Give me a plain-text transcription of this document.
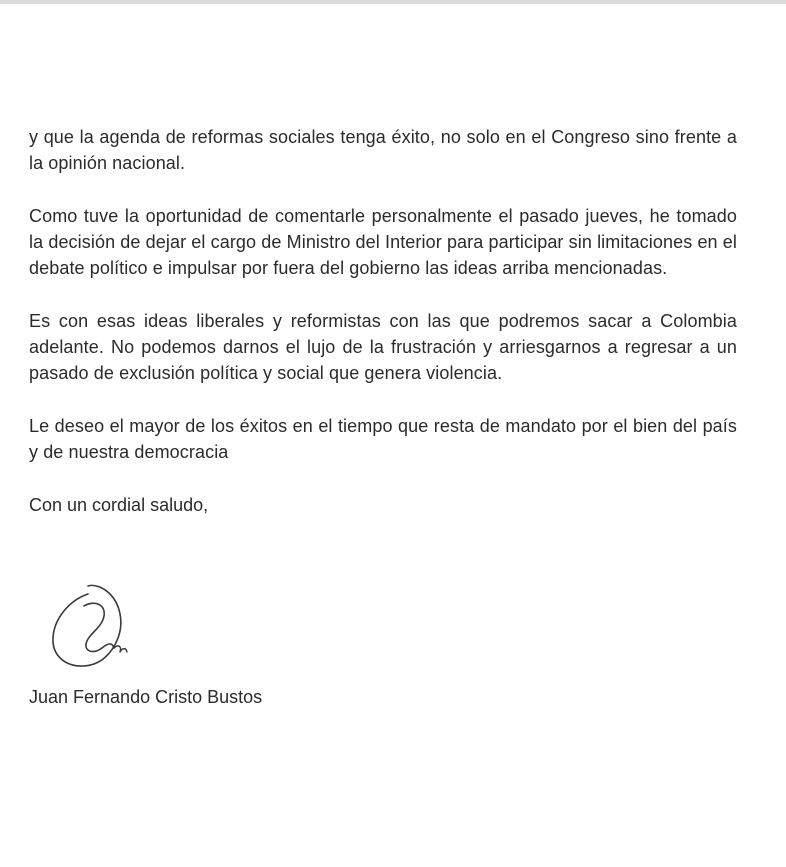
y que la agenda de reformas sociales tenga éxito, no solo en el Congreso sino frente a la opinión nacional.

Como tuve la oportunidad de comentarle personalmente el pasado jueves, he tomado la decisión de dejar el cargo de Ministro del Interior para participar sin limitaciones en el debate político e impulsar por fuera del gobierno las ideas arriba mencionadas.

Es con esas ideas liberales y reformistas con las que podremos sacar a Colombia adelante. No podemos darnos el lujo de la frustración y arriesgarnos a regresar a un pasado de exclusión política y social que genera violencia.

Le deseo el mayor de los éxitos en el tiempo que resta de mandato por el bien del país y de nuestra democracia

Con un cordial saludo,

Juan Fernando Cristo Bustos
